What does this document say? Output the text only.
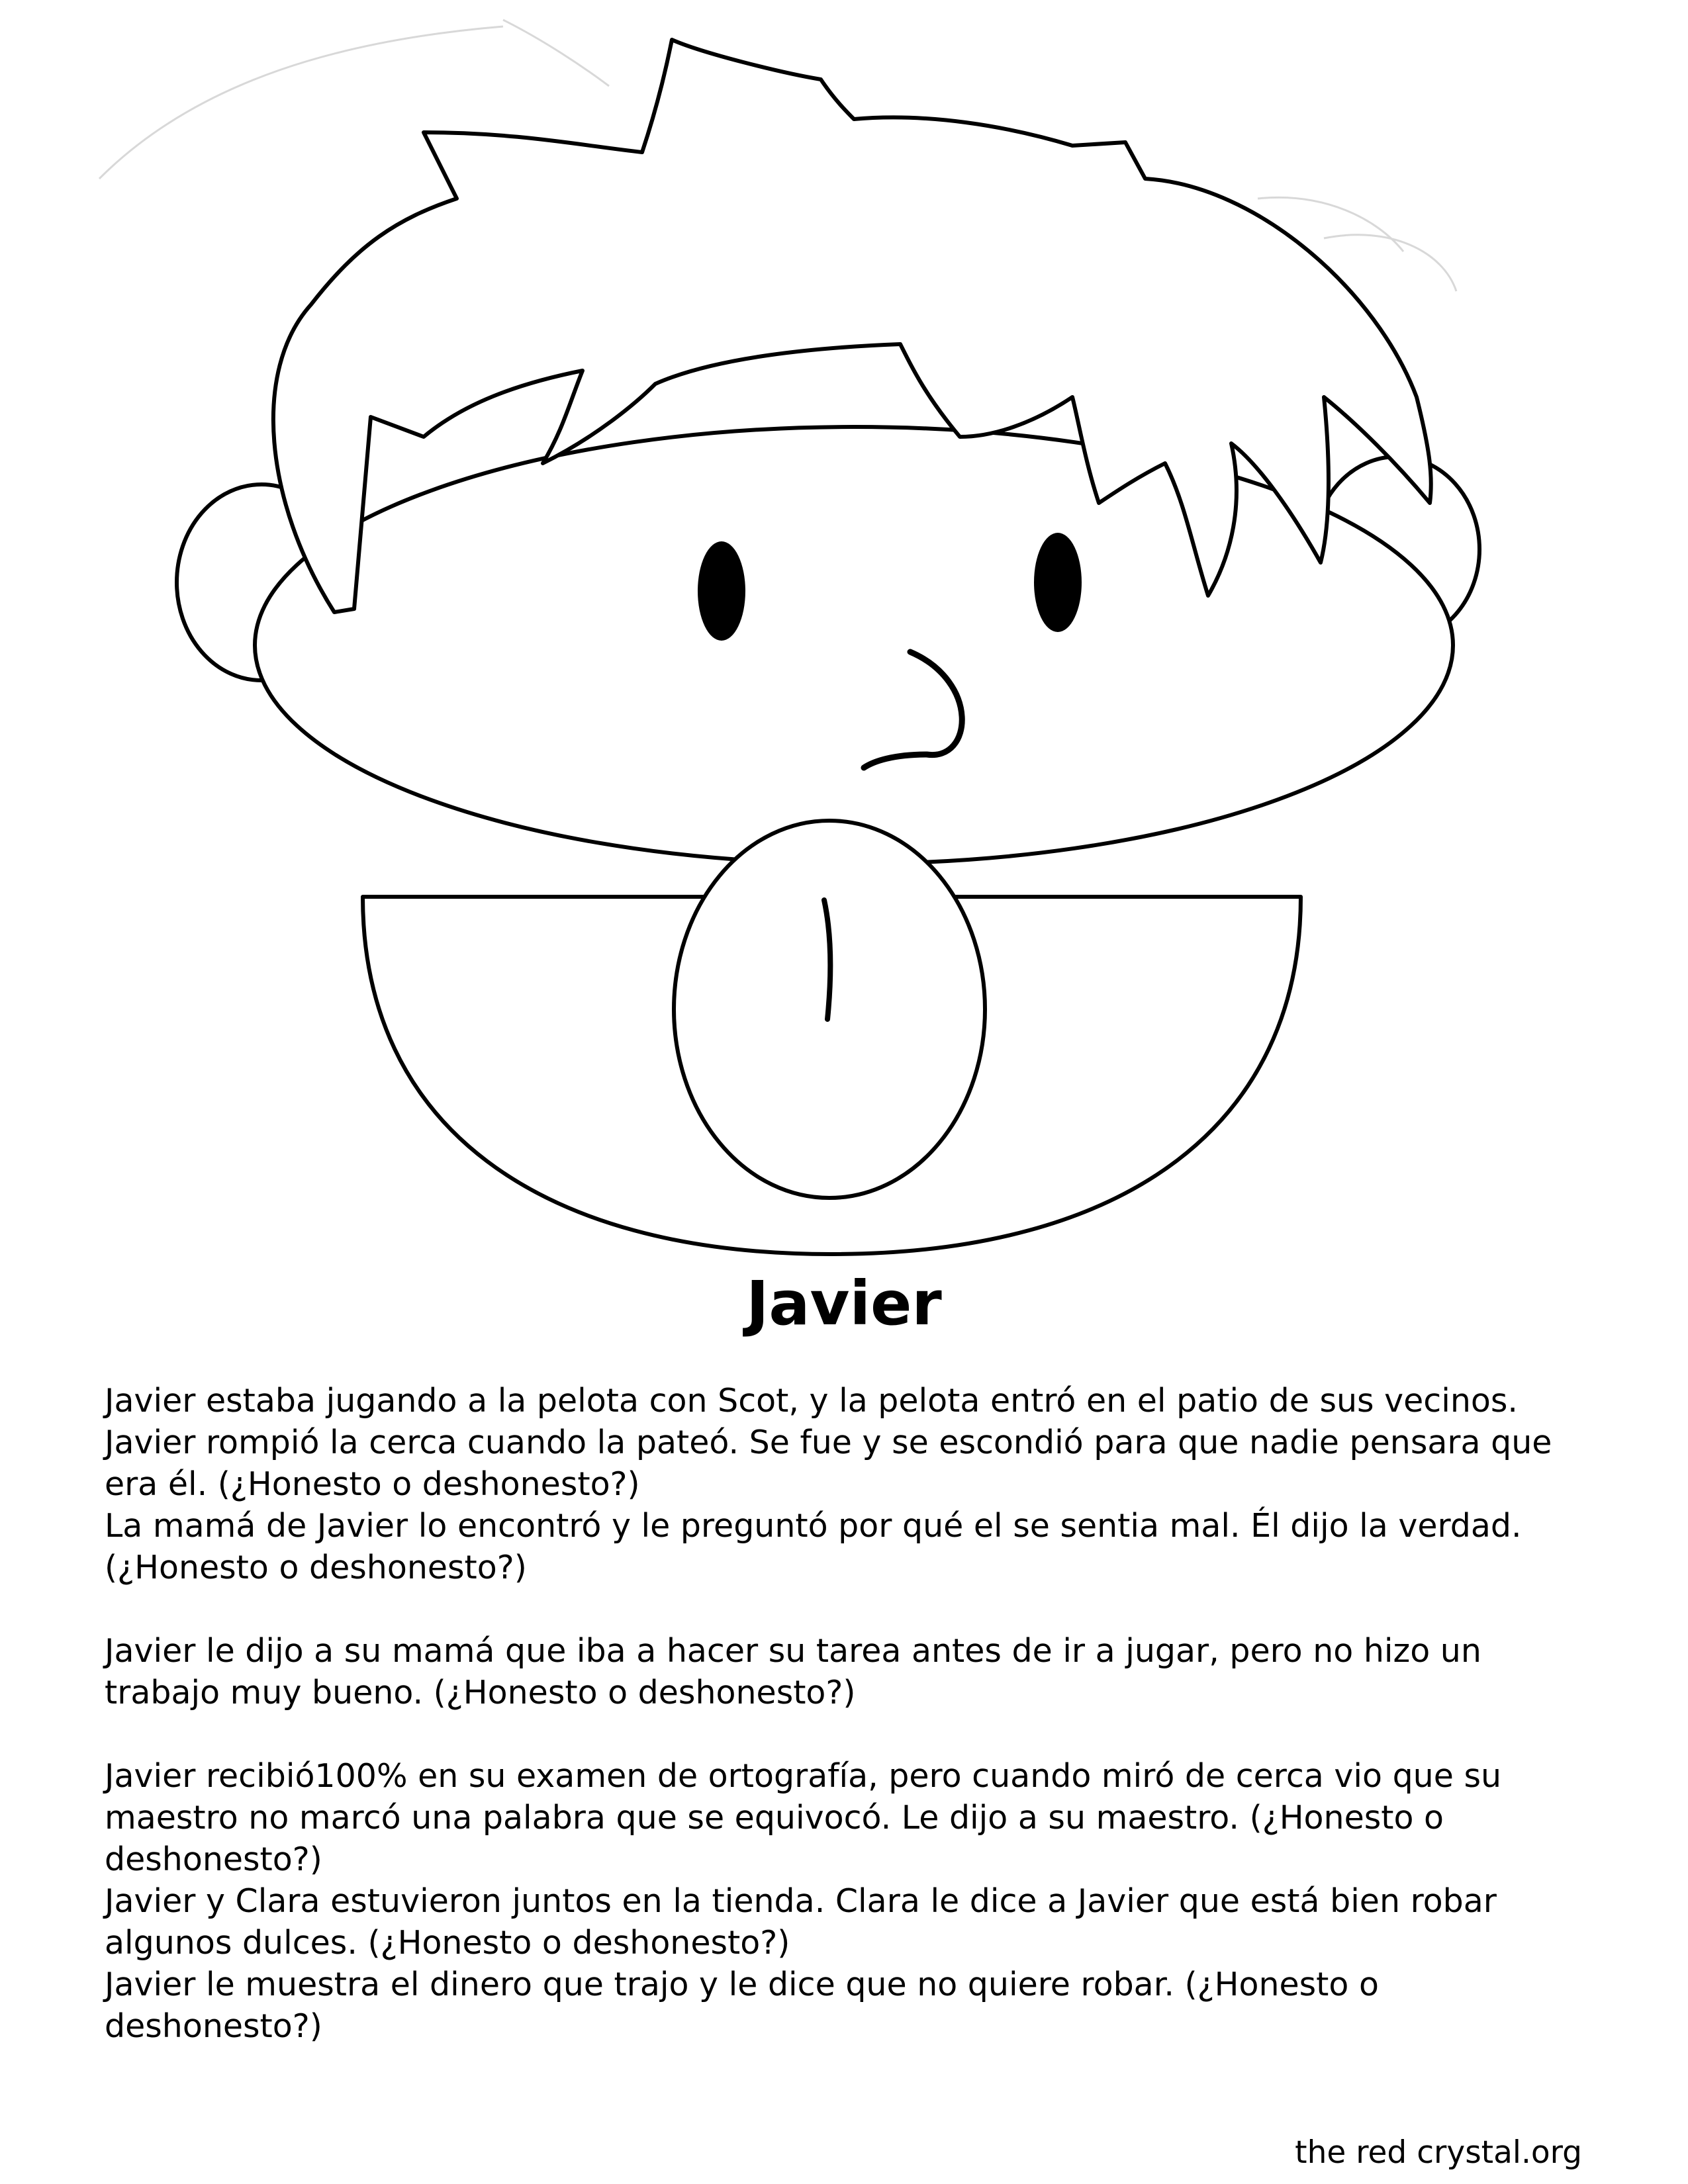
Javier

Javier estaba jugando a la pelota con Scot, y la pelota entró en el patio de sus vecinos. Javier rompió la cerca cuando la pateó. Se fue y se escondió para que nadie pensara que era él. (¿Honesto o deshonesto?)

La mamá de Javier lo encontró y le preguntó por qué el se sentia mal. Él dijo la verdad. (¿Honesto o deshonesto?)

Javier le dijo a su mamá que iba a hacer su tarea antes de ir a jugar, pero no hizo un trabajo muy bueno. (¿Honesto o deshonesto?)

Javier recibió100% en su examen de ortografía, pero cuando miró de cerca vio que su maestro no marcó una palabra que se equivocó. Le dijo a su maestro. (¿Honesto o deshonesto?)

Javier y Clara estuvieron juntos en la tienda. Clara le dice a Javier que está bien robar algunos dulces. (¿Honesto o deshonesto?)

Javier le muestra el dinero que trajo y le dice que no quiere robar. (¿Honesto o deshonesto?)

the red crystal.org
